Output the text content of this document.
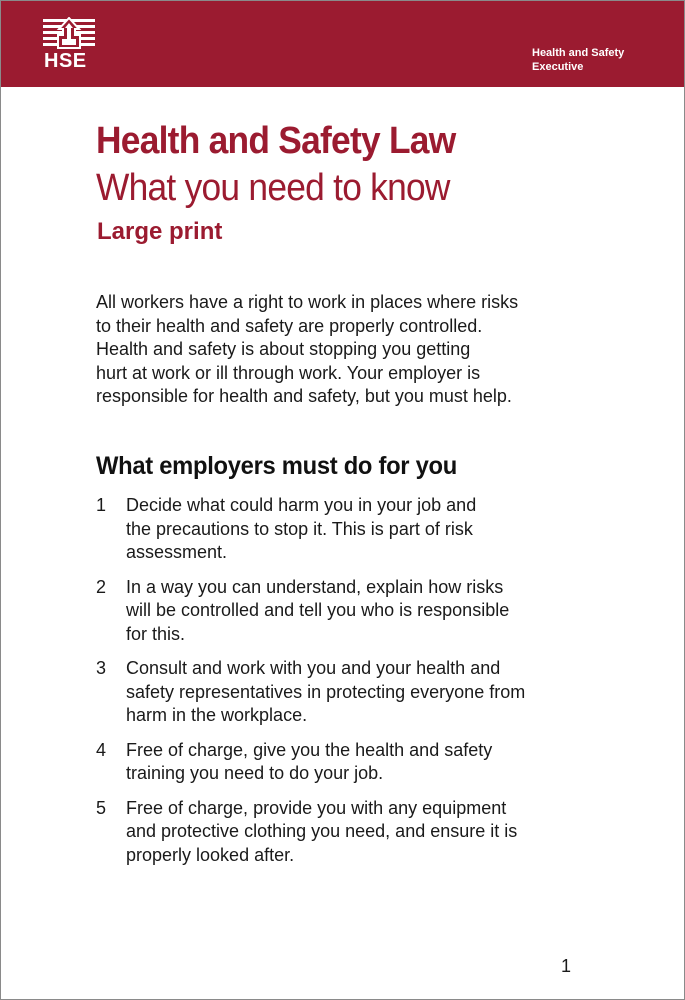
HSE	Health and Safety
Executive
Health and Safety Law
What you need to know
Large print
All workers have a right to work in places where risks
to their health and safety are properly controlled.
Health and safety is about stopping you getting
hurt at work or ill through work. Your employer is
responsible for health and safety, but you must help.
What employers must do for you
1 Decide what could harm you in your job and
the precautions to stop it. This is part of risk
assessment.
2 In a way you can understand, explain how risks
will be controlled and tell you who is responsible
for this.
3 Consult and work with you and your health and
safety representatives in protecting everyone from
harm in the workplace.
4 Free of charge, give you the health and safety
training you need to do your job.
5 Free of charge, provide you with any equipment
and protective clothing you need, and ensure it is
properly looked after.
1
